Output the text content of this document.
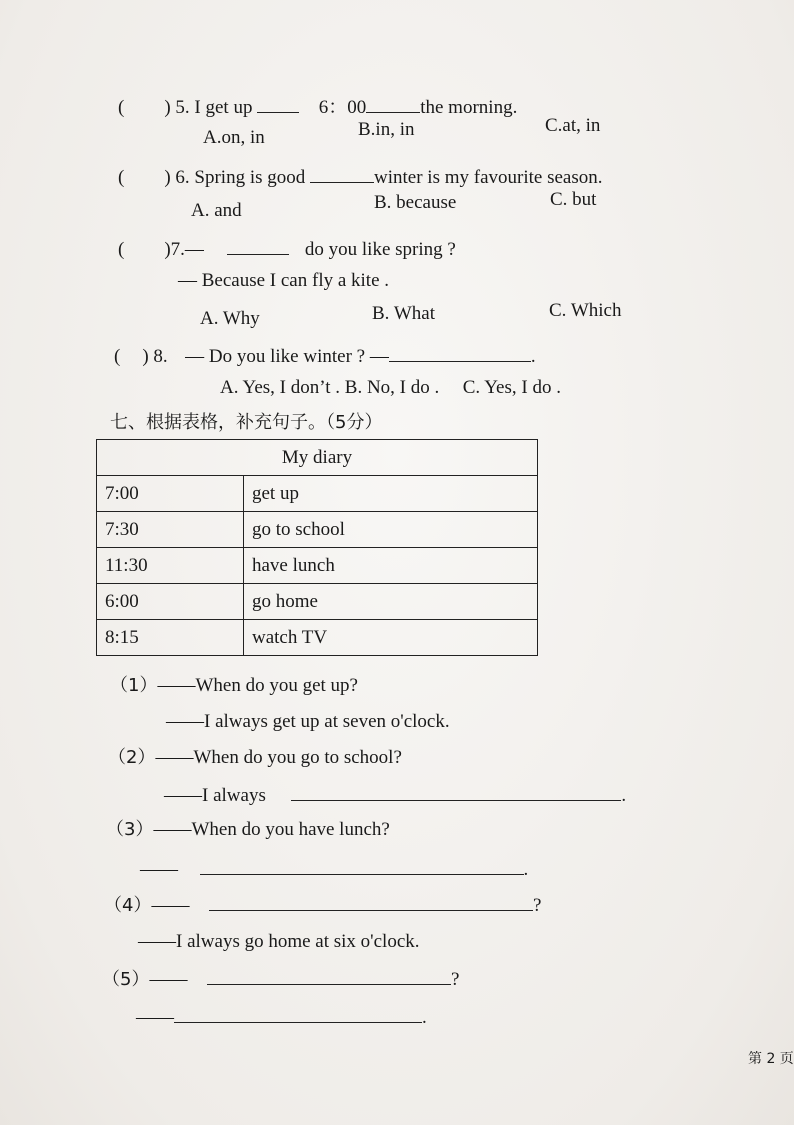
( ) 5. I get up	6：00	the morning.
A.on, in	B.in, in	C.at, in
( ) 6. Spring is good	winter is my favourite season.
A. and	B. because	C. but
( )7.—	do you like spring ?
— Because I can fly a kite .
A. Why	B. What	C. Which
( ) 8. — Do you like winter ? —	.
A. Yes, I don’t . B. No, I do . C. Yes, I do .
七、根据表格，补充句子。（5分）
My diary	
7:00	get up
7:30	go to school
11:30	have lunch
6:00	go home
8:15	watch TV
（1）——When do you get up?
——I always get up at seven o'clock.
（2）——When do you go to school?
——I always	.
（3）——When do you have lunch?
——	.
（4）——	?
——I always go home at six o'clock.
（5）——	?
——	.
第 2 页
